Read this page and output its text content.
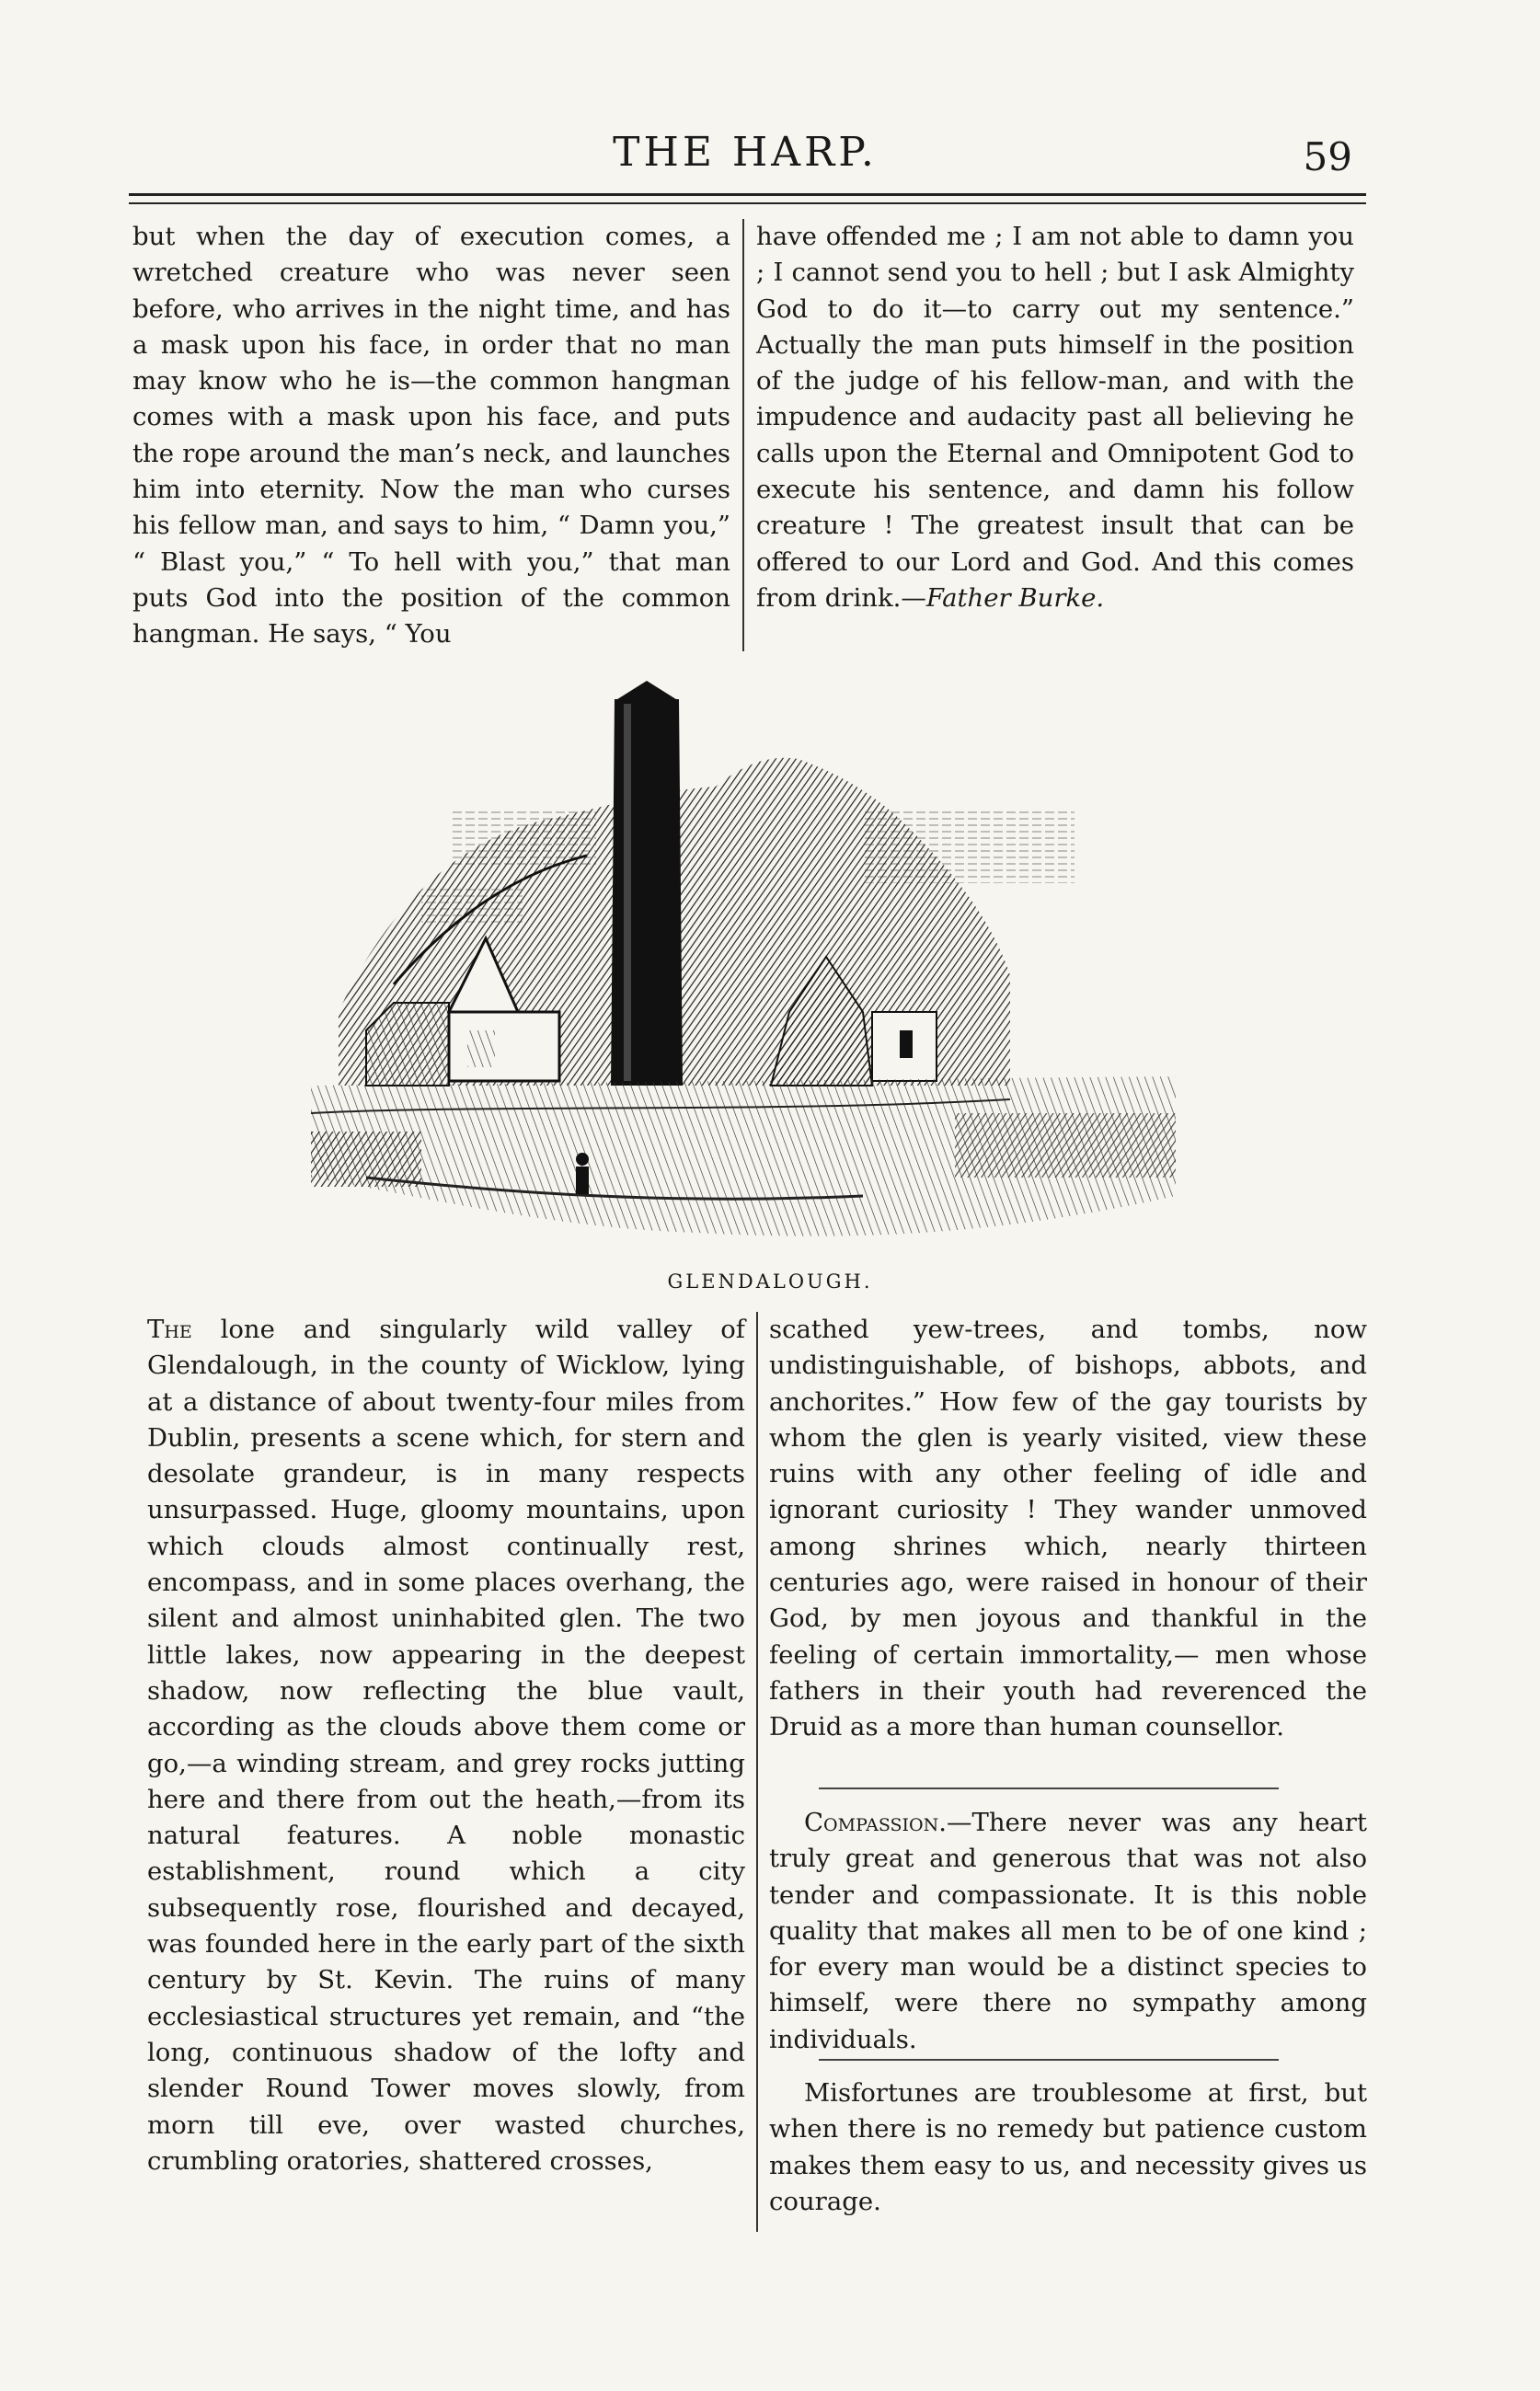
THE HARP.	59

but when the day of execution comes, a wretched creature who was never seen before, who arrives in the night time, and has a mask upon his face, in order that no man may know who he is—the common hangman comes with a mask upon his face, and puts the rope around the man’s neck, and launches him into eternity. Now the man who curses his fellow man, and says to him, “ Damn you,” “ Blast you,” “ To hell with you,” that man puts God into the position of the common hangman. He says, “ You

have offended me ; I am not able to damn you ; I cannot send you to hell ; but I ask Almighty God to do it—to carry out my sentence.” Actually the man puts himself in the position of the judge of his fellow-man, and with the impudence and audacity past all believing he calls upon the Eternal and Omnipotent God to execute his sentence, and damn his follow creature ! The greatest insult that can be offered to our Lord and God. And this comes from drink.—Father Burke.

GLENDALOUGH.

The lone and singularly wild valley of Glendalough, in the county of Wicklow, lying at a distance of about twenty-four miles from Dublin, presents a scene which, for stern and desolate grandeur, is in many respects unsurpassed. Huge, gloomy mountains, upon which clouds almost continually rest, encompass, and in some places overhang, the silent and almost uninhabited glen. The two little lakes, now appearing in the deepest shadow, now reflecting the blue vault, according as the clouds above them come or go,—a winding stream, and grey rocks jutting here and there from out the heath,—from its natural features. A noble monastic establishment, round which a city subsequently rose, flourished and decayed, was founded here in the early part of the sixth century by St. Kevin. The ruins of many ecclesiastical structures yet remain, and “the long, continuous shadow of the lofty and slender Round Tower moves slowly, from morn till eve, over wasted churches, crumbling oratories, shattered crosses,

scathed yew-trees, and tombs, now undistinguishable, of bishops, abbots, and anchorites.” How few of the gay tourists by whom the glen is yearly visited, view these ruins with any other feeling of idle and ignorant curiosity ! They wander unmoved among shrines which, nearly thirteen centuries ago, were raised in honour of their God, by men joyous and thankful in the feeling of certain immortality,— men whose fathers in their youth had reverenced the Druid as a more than human counsellor.

Compassion.—There never was any heart truly great and generous that was not also tender and compassionate. It is this noble quality that makes all men to be of one kind ; for every man would be a distinct species to himself, were there no sympathy among individuals.

Misfortunes are troublesome at first, but when there is no remedy but patience custom makes them easy to us, and necessity gives us courage.
